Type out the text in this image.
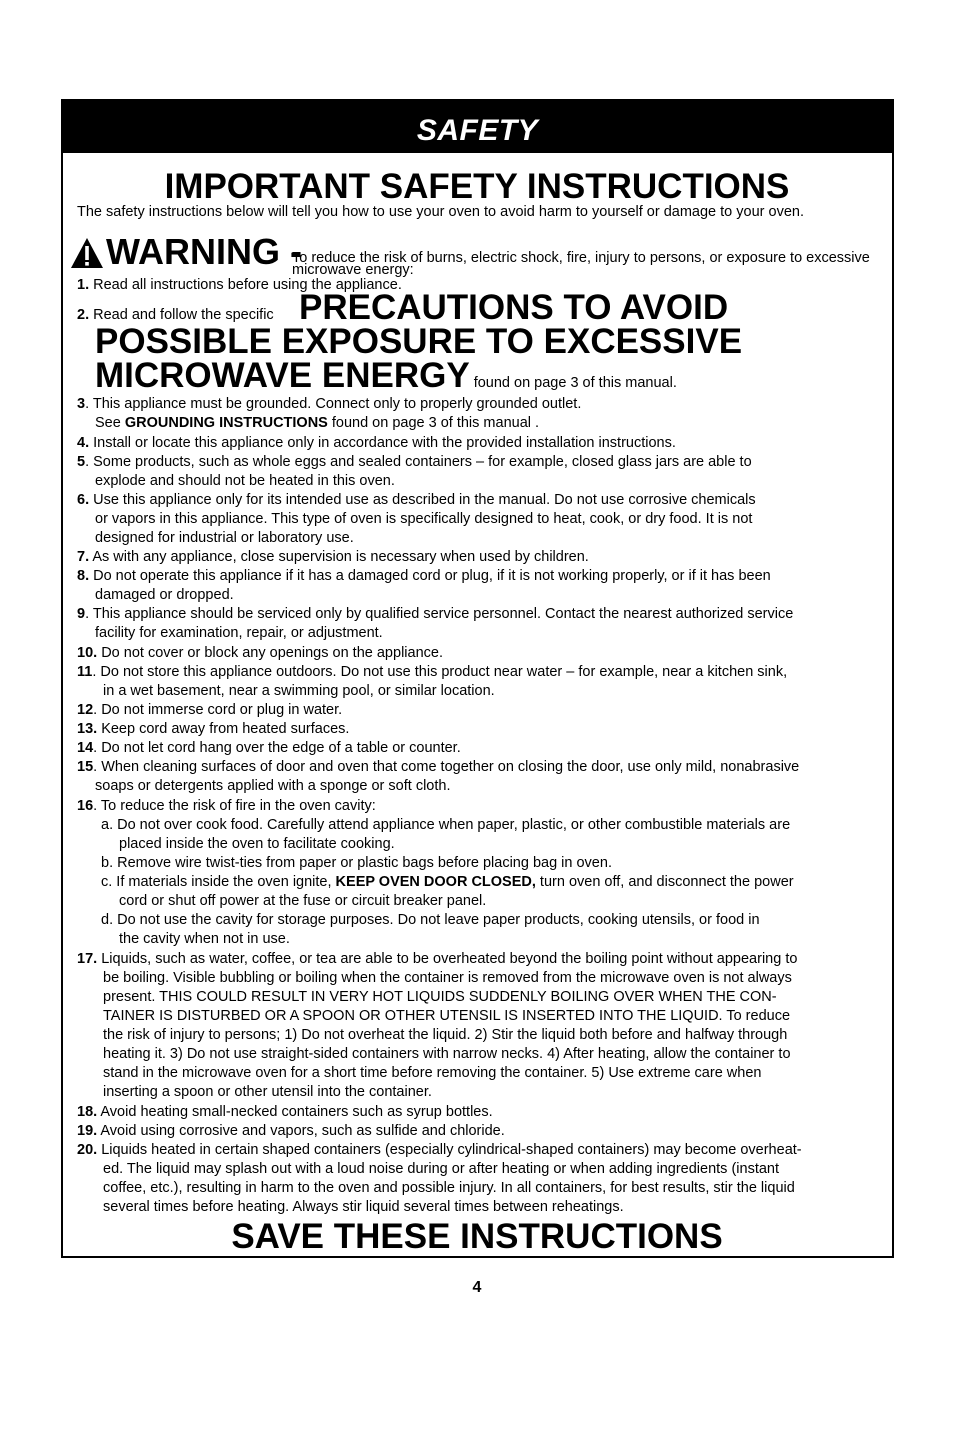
SAFETY
IMPORTANT SAFETY INSTRUCTIONS

The safety instructions below will tell you how to use your oven to avoid harm to yourself or damage to your oven.

WARNING -
To reduce the risk of burns, electric shock, fire, injury to persons, or exposure to excessive microwave energy:
1. Read all instructions before using the appliance.
2. Read and follow the specific PRECAUTIONS TO AVOID
POSSIBLE EXPOSURE TO EXCESSIVE
MICROWAVE ENERGY found on page 3 of this manual.
3. This appliance must be grounded. Connect only to properly grounded outlet.
See GROUNDING INSTRUCTIONS found on page 3 of this manual .
4. Install or locate this appliance only in accordance with the provided installation instructions.
5. Some products, such as whole eggs and sealed containers – for example, closed glass jars are able to
explode and should not be heated in this oven.
6. Use this appliance only for its intended use as described in the manual. Do not use corrosive chemicals
or vapors in this appliance. This type of oven is specifically designed to heat, cook, or dry food. It is not
designed for industrial or laboratory use.
7. As with any appliance, close supervision is necessary when used by children.
8. Do not operate this appliance if it has a damaged cord or plug, if it is not working properly, or if it has been
damaged or dropped.
9. This appliance should be serviced only by qualified service personnel. Contact the nearest authorized service
facility for examination, repair, or adjustment.
10. Do not cover or block any openings on the appliance.
11. Do not store this appliance outdoors. Do not use this product near water – for example, near a kitchen sink,
in a wet basement, near a swimming pool, or similar location.
12. Do not immerse cord or plug in water.
13. Keep cord away from heated surfaces.
14. Do not let cord hang over the edge of a table or counter.
15. When cleaning surfaces of door and oven that come together on closing the door, use only mild, nonabrasive
soaps or detergents applied with a sponge or soft cloth.
16. To reduce the risk of fire in the oven cavity:
a. Do not over cook food. Carefully attend appliance when paper, plastic, or other combustible materials are
placed inside the oven to facilitate cooking.
b. Remove wire twist-ties from paper or plastic bags before placing bag in oven.
c. If materials inside the oven ignite, KEEP OVEN DOOR CLOSED, turn oven off, and disconnect the power
cord or shut off power at the fuse or circuit breaker panel.
d. Do not use the cavity for storage purposes. Do not leave paper products, cooking utensils, or food in
the cavity when not in use.
17. Liquids, such as water, coffee, or tea are able to be overheated beyond the boiling point without appearing to
be boiling. Visible bubbling or boiling when the container is removed from the microwave oven is not always
present. THIS COULD RESULT IN VERY HOT LIQUIDS SUDDENLY BOILING OVER WHEN THE CON-
TAINER IS DISTURBED OR A SPOON OR OTHER UTENSIL IS INSERTED INTO THE LIQUID. To reduce
the risk of injury to persons; 1) Do not overheat the liquid. 2) Stir the liquid both before and halfway through
heating it. 3) Do not use straight-sided containers with narrow necks. 4) After heating, allow the container to
stand in the microwave oven for a short time before removing the container. 5) Use extreme care when
inserting a spoon or other utensil into the container.
18. Avoid heating small-necked containers such as syrup bottles.
19. Avoid using corrosive and vapors, such as sulfide and chloride.
20. Liquids heated in certain shaped containers (especially cylindrical-shaped containers) may become overheat-
ed. The liquid may splash out with a loud noise during or after heating or when adding ingredients (instant
coffee, etc.), resulting in harm to the oven and possible injury. In all containers, for best results, stir the liquid
several times before heating. Always stir liquid several times between reheatings.
SAVE THESE INSTRUCTIONS
4
